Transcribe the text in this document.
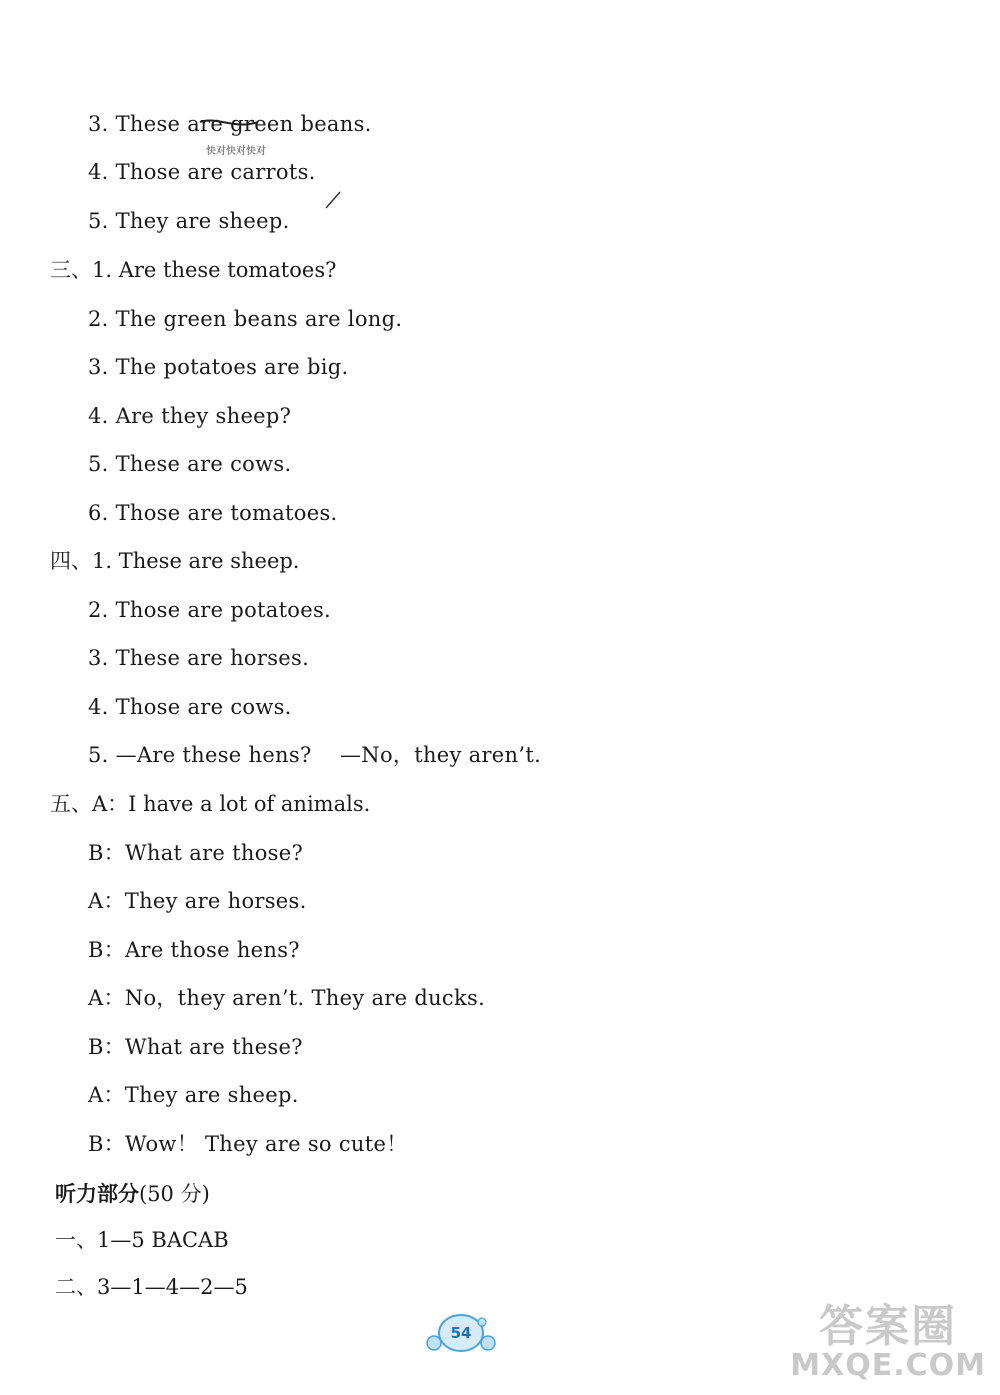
3. These are green beans.
快对快对快对
4. Those are carrots.
5. They are sheep.
三、1. Are these tomatoes?
2. The green beans are long.
3. The potatoes are big.
4. Are they sheep?
5. These are cows.
6. Those are tomatoes.
四、1. These are sheep.
2. Those are potatoes.
3. These are horses.
4. Those are cows.
5. —Are these hens? —No，they aren’t.
五、A：I have a lot of animals.
B：What are those?
A：They are horses.
B：Are those hens?
A：No，they aren’t. They are ducks.
B：What are these?
A：They are sheep.
B：Wow！ They are so cute！
听力部分(50 分)
一、1—5 BACAB
二、3—1—4—2—5
54	答案圈
MXQE.COM
